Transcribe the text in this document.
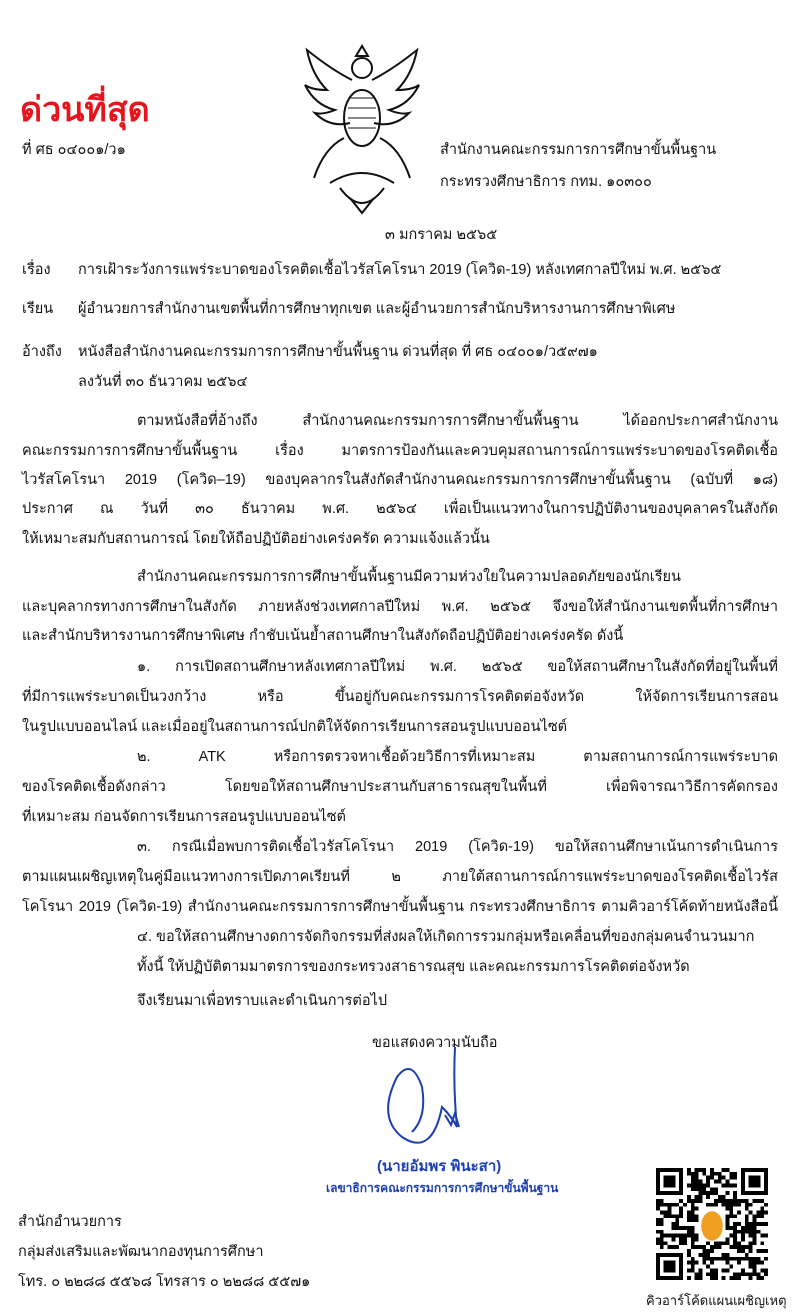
ด่วนที่สุด
ที่ ศธ ๐๔๐๐๑/ว๑	สำนักงานคณะกรรมการการศึกษาขั้นพื้นฐาน
กระทรวงศึกษาธิการ กทม. ๑๐๓๐๐
๓ มกราคม ๒๕๖๕
เรื่อง การเฝ้าระวังการแพร่ระบาดของโรคติดเชื้อไวรัสโคโรนา 2019 (โควิด-19) หลังเทศกาลปีใหม่ พ.ศ. ๒๕๖๕
เรียน ผู้อำนวยการสำนักงานเขตพื้นที่การศึกษาทุกเขต และผู้อำนวยการสำนักบริหารงานการศึกษาพิเศษ
อ้างถึง หนังสือสำนักงานคณะกรรมการการศึกษาขั้นพื้นฐาน ด่วนที่สุด ที่ ศธ ๐๔๐๐๑/ว๕๙๗๑
ลงวันที่ ๓๐ ธันวาคม ๒๕๖๔
ตามหนังสือที่อ้างถึง สำนักงานคณะกรรมการการศึกษาขั้นพื้นฐาน ได้ออกประกาศสำนักงาน
คณะกรรมการการศึกษาขั้นพื้นฐาน เรื่อง มาตรการป้องกันและควบคุมสถานการณ์การแพร่ระบาดของโรคติดเชื้อ
ไวรัสโคโรนา 2019 (โควิด–19) ของบุคลากรในสังกัดสำนักงานคณะกรรมการการศึกษาขั้นพื้นฐาน (ฉบับที่ ๑๘)
ประกาศ ณ วันที่ ๓๐ ธันวาคม พ.ศ. ๒๕๖๔ เพื่อเป็นแนวทางในการปฏิบัติงานของบุคลาครในสังกัด
ให้เหมาะสมกับสถานการณ์ โดยให้ถือปฏิบัติอย่างเคร่งครัด ความแจ้งแล้วนั้น
สำนักงานคณะกรรมการการศึกษาขั้นพื้นฐานมีความห่วงใยในความปลอดภัยของนักเรียน
และบุคลากรทางการศึกษาในสังกัด ภายหลังช่วงเทศกาลปีใหม่ พ.ศ. ๒๕๖๕ จึงขอให้สำนักงานเขตพื้นที่การศึกษา
และสำนักบริหารงานการศึกษาพิเศษ กำชับเน้นย้ำสถานศึกษาในสังกัดถือปฏิบัติอย่างเคร่งครัด ดังนี้
๑. การเปิดสถานศึกษาหลังเทศกาลปีใหม่ พ.ศ. ๒๕๖๕ ขอให้สถานศึกษาในสังกัดที่อยู่ในพื้นที่
ที่มีการแพร่ระบาดเป็นวงกว้าง หรือ ขึ้นอยู่กับคณะกรรมการโรคติดต่อจังหวัด ให้จัดการเรียนการสอน
ในรูปแบบออนไลน์ และเมื่ออยู่ในสถานการณ์ปกติให้จัดการเรียนการสอนรูปแบบออนไซต์
๒. ATK หรือการตรวจหาเชื้อด้วยวิธีการที่เหมาะสม ตามสถานการณ์การแพร่ระบาด
ของโรคติดเชื้อดังกล่าว โดยขอให้สถานศึกษาประสานกับสาธารณสุขในพื้นที่ เพื่อพิจารณาวิธีการคัดกรอง
ที่เหมาะสม ก่อนจัดการเรียนการสอนรูปแบบออนไซต์
๓. กรณีเมื่อพบการติดเชื้อไวรัสโคโรนา 2019 (โควิด-19) ขอให้สถานศึกษาเน้นการดำเนินการ
ตามแผนเผชิญเหตุในคู่มือแนวทางการเปิดภาคเรียนที่ ๒ ภายใต้สถานการณ์การแพร่ระบาดของโรคติดเชื้อไวรัส
โคโรนา 2019 (โควิด-19) สำนักงานคณะกรรมการการศึกษาขั้นพื้นฐาน กระทรวงศึกษาธิการ ตามคิวอาร์โค้ดท้ายหนังสือนี้
๔. ขอให้สถานศึกษางดการจัดกิจกรรมที่ส่งผลให้เกิดการรวมกลุ่มหรือเคลื่อนที่ของกลุ่มคนจำนวนมาก
ทั้งนี้ ให้ปฏิบัติตามมาตรการของกระทรวงสาธารณสุข และคณะกรรมการโรคติดต่อจังหวัด
จึงเรียนมาเพื่อทราบและดำเนินการต่อไป
ขอแสดงความนับถือ
(นายอัมพร พินะสา)
เลขาธิการคณะกรรมการการศึกษาขั้นพื้นฐาน
สำนักอำนวยการ
กลุ่มส่งเสริมและพัฒนากองทุนการศึกษา
โทร. ๐ ๒๒๘๘ ๕๕๖๘ โทรสาร ๐ ๒๒๘๘ ๕๕๗๑
คิวอาร์โค้ดแผนเผชิญเหตุ
